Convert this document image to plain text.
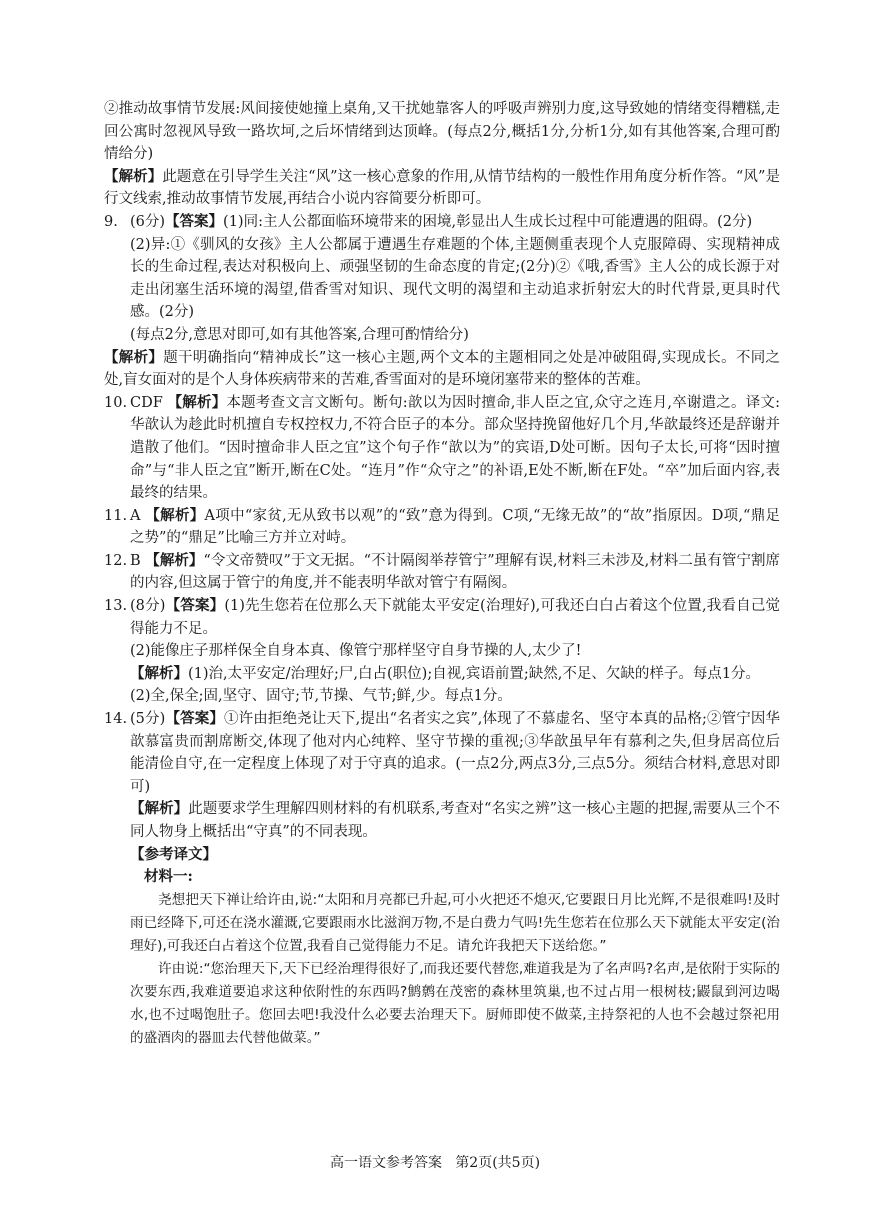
②推动故事情节发展:风间接使她撞上桌角,又干扰她靠客人的呼吸声辨别力度,这导致她的情绪变得糟糕,走回公寓时忽视风导致一路坎坷,之后坏情绪到达顶峰。(每点2分,概括1分,分析1分,如有其他答案,合理可酌情给分)

【解析】此题意在引导学生关注“风”这一核心意象的作用,从情节结构的一般性作用角度分析作答。“风”是行文线索,推动故事情节发展,再结合小说内容简要分析即可。

9. (6分)【答案】(1)同:主人公都面临环境带来的困境,彰显出人生成长过程中可能遭遇的阻碍。(2分)

(2)异:①《驯风的女孩》主人公都属于遭遇生存难题的个体,主题侧重表现个人克服障碍、实现精神成长的生命过程,表达对积极向上、顽强坚韧的生命态度的肯定;(2分)②《哦,香雪》主人公的成长源于对走出闭塞生活环境的渴望,借香雪对知识、现代文明的渴望和主动追求折射宏大的时代背景,更具时代感。(2分)

(每点2分,意思对即可,如有其他答案,合理可酌情给分)

【解析】题干明确指向“精神成长”这一核心主题,两个文本的主题相同之处是冲破阻碍,实现成长。不同之处,盲女面对的是个人身体疾病带来的苦难,香雪面对的是环境闭塞带来的整体的苦难。

10. CDF 【解析】本题考查文言文断句。断句:歆以为因时擅命,非人臣之宜,众守之连月,卒谢遣之。译文:华歆认为趁此时机擅自专权控权力,不符合臣子的本分。部众坚持挽留他好几个月,华歆最终还是辞谢并遣散了他们。“因时擅命非人臣之宜”这个句子作“歆以为”的宾语,D处可断。因句子太长,可将“因时擅命”与“非人臣之宜”断开,断在C处。“连月”作“众守之”的补语,E处不断,断在F处。“卒”加后面内容,表最终的结果。

11. A 【解析】A项中“家贫,无从致书以观”的“致”意为得到。C项,“无缘无故”的“故”指原因。D项,“鼎足之势”的“鼎足”比喻三方并立对峙。

12. B 【解析】“令文帝赞叹”于文无据。“不计隔阂举荐管宁”理解有误,材料三未涉及,材料二虽有管宁割席的内容,但这属于管宁的角度,并不能表明华歆对管宁有隔阂。

13. (8分)【答案】(1)先生您若在位那么天下就能太平安定(治理好),可我还白白占着这个位置,我看自己觉得能力不足。

(2)能像庄子那样保全自身本真、像管宁那样坚守自身节操的人,太少了!

【解析】(1)治,太平安定/治理好;尸,白占(职位);自视,宾语前置;缺然,不足、欠缺的样子。每点1分。

(2)全,保全;固,坚守、固守;节,节操、气节;鲜,少。每点1分。

14. (5分)【答案】①许由拒绝尧让天下,提出“名者实之宾”,体现了不慕虚名、坚守本真的品格;②管宁因华歆慕富贵而割席断交,体现了他对内心纯粹、坚守节操的重视;③华歆虽早年有慕利之失,但身居高位后能清俭自守,在一定程度上体现了对于守真的追求。(一点2分,两点3分,三点5分。须结合材料,意思对即可)

【解析】此题要求学生理解四则材料的有机联系,考查对“名实之辨”这一核心主题的把握,需要从三个不同人物身上概括出“守真”的不同表现。

【参考译文】

材料一:

尧想把天下禅让给许由,说:“太阳和月亮都已升起,可小火把还不熄灭,它要跟日月比光辉,不是很难吗!及时雨已经降下,可还在浇水灌溉,它要跟雨水比滋润万物,不是白费力气吗!先生您若在位那么天下就能太平安定(治理好),可我还白占着这个位置,我看自己觉得能力不足。请允许我把天下送给您。”

许由说:“您治理天下,天下已经治理得很好了,而我还要代替您,难道我是为了名声吗?名声,是依附于实际的次要东西,我难道要追求这种依附性的东西吗?鹪鹩在茂密的森林里筑巢,也不过占用一根树枝;鼹鼠到河边喝水,也不过喝饱肚子。您回去吧!我没什么必要去治理天下。厨师即使不做菜,主持祭祀的人也不会越过祭祀用的盛酒肉的器皿去代替他做菜。”

高一语文参考答案   第2页(共5页)
